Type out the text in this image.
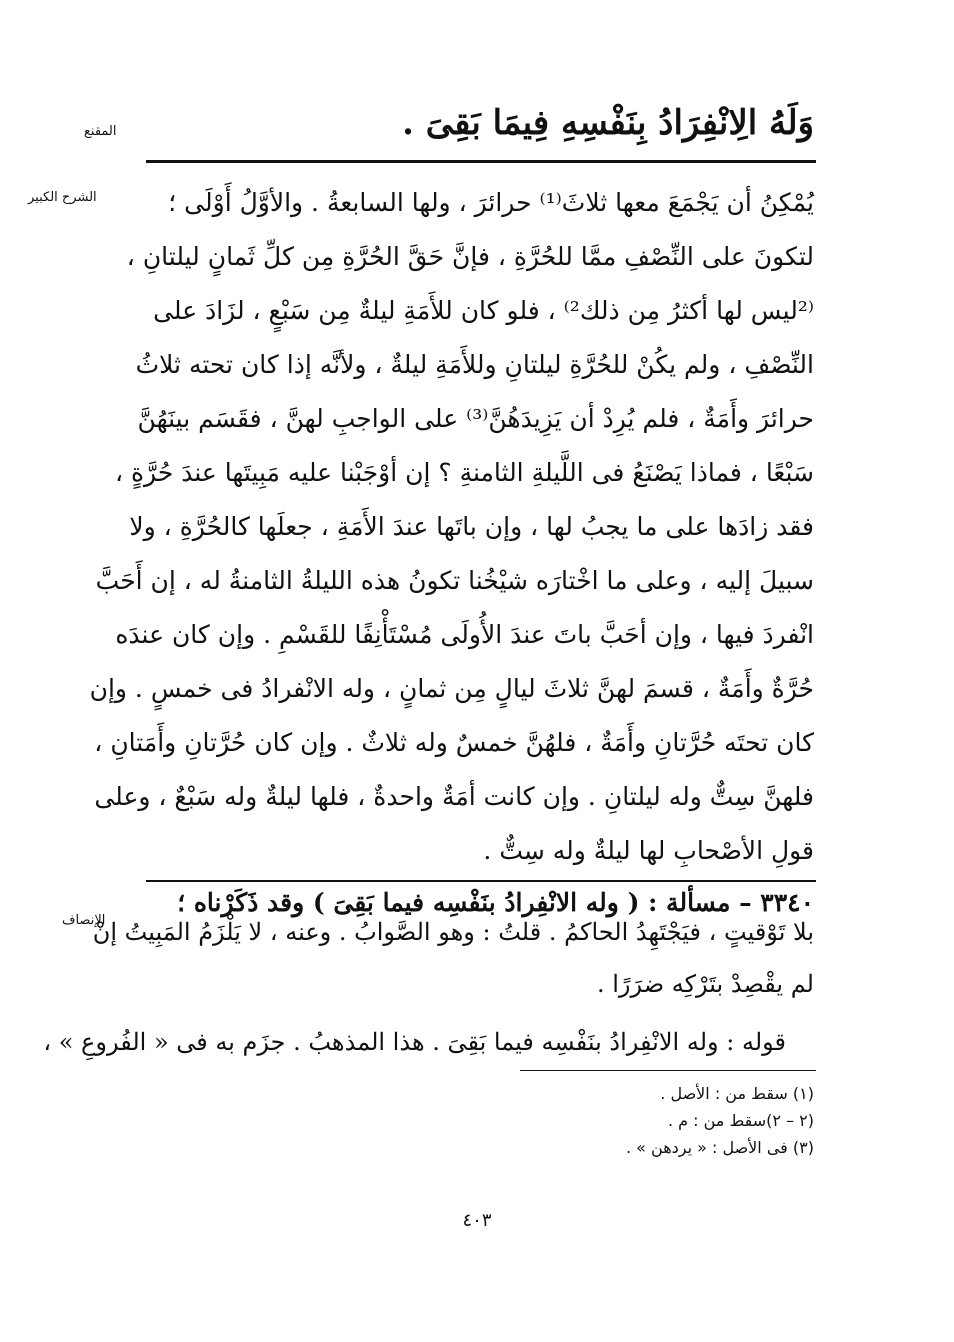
المقنع
الشرح الكبير
الإنصاف
وَلَهُ الِانْفِرَادُ بِنَفْسِهِ فِيمَا بَقِىَ .
يُمْكِنُ أن يَجْمَعَ معها ثلاثَ⁽¹⁾ حرائرَ ، ولها السابعةُ . والأوَّلُ أَوْلَى ؛
لتكونَ على النِّصْفِ ممَّا للحُرَّةِ ، فإنَّ حَقَّ الحُرَّةِ مِن كلِّ ثَمانٍ ليلتانِ ،
⁽²ليس لها أكثرُ مِن ذلك²⁾ ، فلو كان للأَمَةِ ليلةٌ مِن سَبْعٍ ، لزَادَ على
النِّصْفِ ، ولم يكُنْ للحُرَّةِ ليلتانِ وللأَمَةِ ليلةٌ ، ولأنَّه إذا كان تحته ثلاثُ
حرائرَ وأَمَةٌ ، فلم يُرِدْ أن يَزِيدَهُنَّ⁽³⁾ على الواجبِ لهنَّ ، فقَسَم بينَهُنَّ
سَبْعًا ، فماذا يَصْنَعُ فى اللَّيلةِ الثامنةِ ؟ إن أوْجَبْنا عليه مَبِيتَها عندَ حُرَّةٍ ،
فقد زادَها على ما يجبُ لها ، وإن باتَها عندَ الأَمَةِ ، جعلَها كالحُرَّةِ ، ولا
سبيلَ إليه ، وعلى ما اخْتارَه شيْخُنا تكونُ هذه الليلةُ الثامنةُ له ، إن أَحَبَّ
انْفردَ فيها ، وإن أحَبَّ باتَ عندَ الأُولَى مُسْتَأْنِفًا للقَسْمِ . وإن كان عندَه
حُرَّةٌ وأَمَةٌ ، قسمَ لهنَّ ثلاثَ ليالٍ مِن ثمانٍ ، وله الانْفرادُ فى خمسٍ . وإن
كان تحتَه حُرَّتانِ وأَمَةٌ ، فلهُنَّ خمسٌ وله ثلاثٌ . وإن كان حُرَّتانِ وأَمَتانِ ،
فلهنَّ سِتٌّ وله ليلتانِ . وإن كانت أمَةٌ واحدةٌ ، فلها ليلةٌ وله سَبْعٌ ، وعلى
قولِ الأصْحابِ لها ليلةٌ وله سِتٌّ .
٣٣٤٠ – مسألة : ( وله الانْفِرادُ بنَفْسِه فيما بَقِىَ ) وقد ذَكَرْناه ؛
بلا تَوْقيتٍ ، فيَجْتَهِدُ الحاكمُ . قلتُ : وهو الصَّوابُ . وعنه ، لا يَلْزَمُ المَبِيتُ إنْ
لم يقْصِدْ بتَرْكِه ضرَرًا .
قوله : وله الانْفِرادُ بنَفْسِه فيما بَقِىَ . هذا المذهبُ . جزَم به فى « الفُروعِ » ،
(١) سقط من : الأصل .
(٢ – ٢)سقط من : م .
(٣) فى الأصل : « يردهن » .
٤٠٣
